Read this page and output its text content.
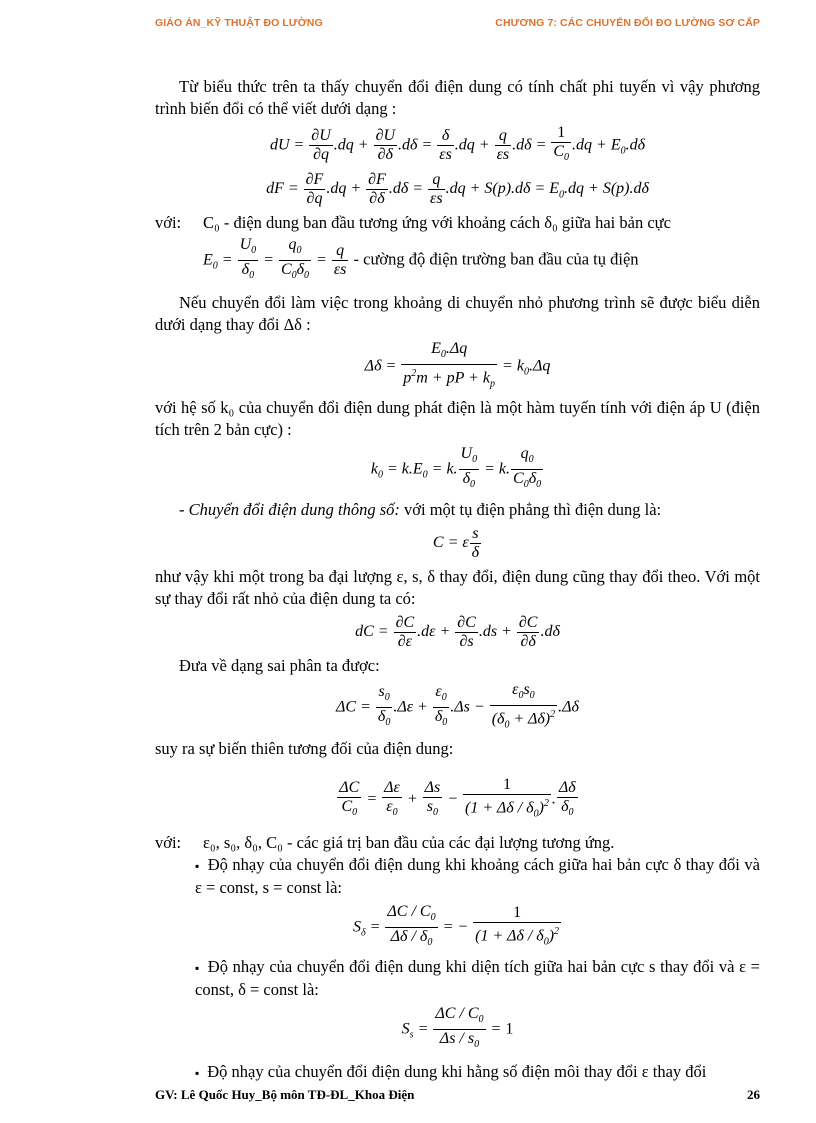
GIÁO ÁN_KỸ THUẬT ĐO LƯỜNG	CHƯƠNG 7: CÁC CHUYỂN ĐỔI ĐO LƯỜNG SƠ CẤP

Từ biểu thức trên ta thấy chuyển đổi điện dung có tính chất phi tuyến vì vậy phương trình biến đổi có thể viết dưới dạng :

dU = $\frac{\partial U}{\partial q} .dq + \frac{\partial U}{\partial\delta} .d\delta = \frac{\delta}{\varepsilon s} .dq + \frac{q}{\varepsilon s} .d\delta = \frac{1}{C_0} .dq + E_0.d\delta$
dF = $\frac{\partial F}{\partial q} .dq + \frac{\partial F}{\partial\delta} .d\delta = \frac{q}{\varepsilon s} .dq + S(p).d\delta = E_0.dq + S(p).d\delta$
với:	C₀ - điện dung ban đầu tương ứng với khoảng cách δ₀ giữa hai bản cực
$E_0 = \frac{U_0}{\delta_0} = \frac{q_0}{C_0\delta_0} = \frac{q}{\varepsilon s}$ - cường độ điện trường ban đầu của tụ điện

Nếu chuyển đổi làm việc trong khoảng di chuyển nhỏ phương trình sẽ được biểu diễn dưới dạng thay đổi Δδ :

$\Delta\delta = \frac{E_0.\Delta q}{p^2m + pP + k_p} = k_0.\Delta q$

với hệ số k₀ của chuyển đổi điện dung phát điện là một hàm tuyến tính với điện áp U (điện tích trên 2 bản cực) :

$k_0 = k.E_0 = k$. $\frac{U_0}{\delta_0} = k$. $\frac{q_0}{C_0\delta_0}$

- Chuyển đổi điện dung thông số: với một tụ điện phẳng thì điện dung là:

C = ε $\frac{s}{\delta}$

như vậy khi một trong ba đại lượng ε, s, δ thay đổi, điện dung cũng thay đổi theo. Với một sự thay đổi rất nhỏ của điện dung ta có:

dC = $\frac{\partial C}{\partial\varepsilon} .d\varepsilon + \frac{\partial C}{\partial s} .ds + \frac{\partial C}{\partial\delta} .d\delta$

Đưa về dạng sai phân ta được:

$\Delta C = \frac{s_0}{\delta_0} .\Delta\varepsilon + \frac{\varepsilon_0}{\delta_0} .\Delta s - \frac{\varepsilon_0s_0}{(\delta_0 + \Delta\delta)^2} .\Delta\delta$

suy ra sự biến thiên tương đối của điện dung:

$\frac{\Delta C}{C_0} = \frac{\Delta\varepsilon}{\varepsilon_0} + \frac{\Delta s}{s_0} - \frac{1}{(1 + \Delta\delta / \delta_0)^2}$ . $\frac{\Delta\delta}{\delta_0}$
với:	ε₀, s₀, δ₀, C₀ - các giá trị ban đầu của các đại lượng tương ứng.

▪ Độ nhạy của chuyển đổi điện dung khi khoảng cách giữa hai bản cực δ thay đổi và ε = const, s = const là:

$S_\delta = \frac{\Delta C / C_0}{\Delta\delta / \delta_0}$ = − $\frac{1}{(1 + \Delta\delta / \delta_0)^2}$

▪ Độ nhạy của chuyển đổi điện dung khi diện tích giữa hai bản cực s thay đổi và ε = const, δ = const là:

$S_s = \frac{\Delta C / C_0}{\Delta s / s_0} = 1$

▪ Độ nhạy của chuyển đổi điện dung khi hằng số điện môi thay đổi ε thay đổi

GV: Lê Quốc Huy_Bộ môn TĐ-ĐL_Khoa Điện	26
